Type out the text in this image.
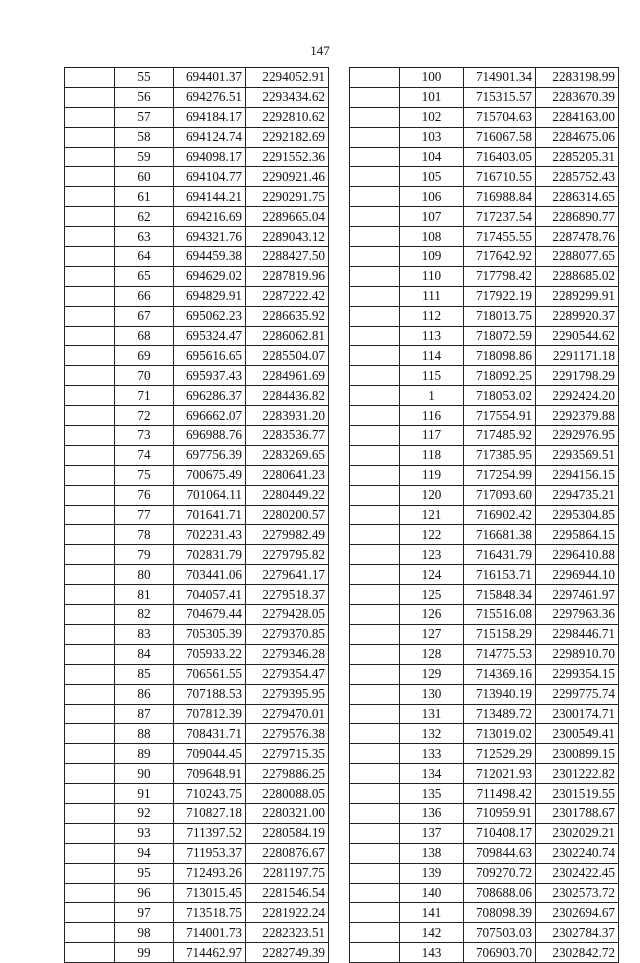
147
	55	694401.37	2294052.91
	56	694276.51	2293434.62
	57	694184.17	2292810.62
	58	694124.74	2292182.69
	59	694098.17	2291552.36
	60	694104.77	2290921.46
	61	694144.21	2290291.75
	62	694216.69	2289665.04
	63	694321.76	2289043.12
	64	694459.38	2288427.50
	65	694629.02	2287819.96
	66	694829.91	2287222.42
	67	695062.23	2286635.92
	68	695324.47	2286062.81
	69	695616.65	2285504.07
	70	695937.43	2284961.69
	71	696286.37	2284436.82
	72	696662.07	2283931.20
	73	696988.76	2283536.77
	74	697756.39	2283269.65
	75	700675.49	2280641.23
	76	701064.11	2280449.22
	77	701641.71	2280200.57
	78	702231.43	2279982.49
	79	702831.79	2279795.82
	80	703441.06	2279641.17
	81	704057.41	2279518.37
	82	704679.44	2279428.05
	83	705305.39	2279370.85
	84	705933.22	2279346.28
	85	706561.55	2279354.47
	86	707188.53	2279395.95
	87	707812.39	2279470.01
	88	708431.71	2279576.38
	89	709044.45	2279715.35
	90	709648.91	2279886.25
	91	710243.75	2280088.05
	92	710827.18	2280321.00
	93	711397.52	2280584.19
	94	711953.37	2280876.67
	95	712493.26	2281197.75
	96	713015.45	2281546.54
	97	713518.75	2281922.24
	98	714001.73	2282323.51
	99	714462.97	2282749.39
	100	714901.34	2283198.99
	101	715315.57	2283670.39
	102	715704.63	2284163.00
	103	716067.58	2284675.06
	104	716403.05	2285205.31
	105	716710.55	2285752.43
	106	716988.84	2286314.65
	107	717237.54	2286890.77
	108	717455.55	2287478.76
	109	717642.92	2288077.65
	110	717798.42	2288685.02
	111	717922.19	2289299.91
	112	718013.75	2289920.37
	113	718072.59	2290544.62
	114	718098.86	2291171.18
	115	718092.25	2291798.29
	1	718053.02	2292424.20
	116	717554.91	2292379.88
	117	717485.92	2292976.95
	118	717385.95	2293569.51
	119	717254.99	2294156.15
	120	717093.60	2294735.21
	121	716902.42	2295304.85
	122	716681.38	2295864.15
	123	716431.79	2296410.88
	124	716153.71	2296944.10
	125	715848.34	2297461.97
	126	715516.08	2297963.36
	127	715158.29	2298446.71
	128	714775.53	2298910.70
	129	714369.16	2299354.15
	130	713940.19	2299775.74
	131	713489.72	2300174.71
	132	713019.02	2300549.41
	133	712529.29	2300899.15
	134	712021.93	2301222.82
	135	711498.42	2301519.55
	136	710959.91	2301788.67
	137	710408.17	2302029.21
	138	709844.63	2302240.74
	139	709270.72	2302422.45
	140	708688.06	2302573.72
	141	708098.39	2302694.67
	142	707503.03	2302784.37
	143	706903.70	2302842.72
